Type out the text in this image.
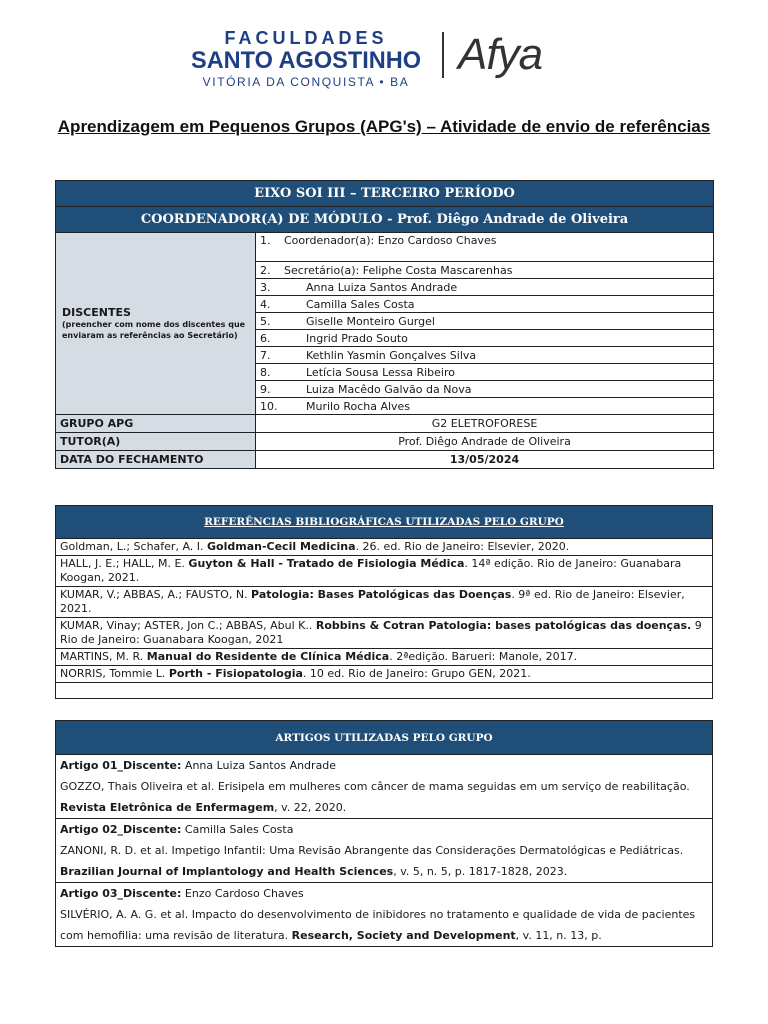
FACULDADES
SANTO AGOSTINHO
VITÓRIA DA CONQUISTA • BA
Afya
Aprendizagem em Pequenos Grupos (APG's) – Atividade de envio de referências
EIXO SOI III – TERCEIRO PERÍODO	
COORDENADOR(A) DE MÓDULO - Prof. Diêgo Andrade de Oliveira	

DISCENTES
(preencher com nome dos discentes que enviaram as referências ao Secretário)	1. Coordenador(a): Enzo Cardoso Chaves
	2. Secretário(a): Feliphe Costa Mascarenhas
	3. Anna Luiza Santos Andrade
	4. Camilla Sales Costa
	5. Giselle Monteiro Gurgel
	6. Ingrid Prado Souto
	7. Kethlin Yasmin Gonçalves Silva
	8. Letícia Sousa Lessa Ribeiro
	9. Luiza Macêdo Galvão da Nova
	10. Murilo Rocha Alves
GRUPO APG	G2 ELETROFORESE
TUTOR(A)	Prof. Diêgo Andrade de Oliveira
DATA DO FECHAMENTO	13/05/2024
REFERÊNCIAS BIBLIOGRÁFICAS UTILIZADAS PELO GRUPO
Goldman, L.; Schafer, A. I. Goldman-Cecil Medicina. 26. ed. Rio de Janeiro: Elsevier, 2020.
HALL, J. E.; HALL, M. E. Guyton & Hall - Tratado de Fisiologia Médica. 14ª edição. Rio de Janeiro: Guanabara Koogan, 2021.
KUMAR, V.; ABBAS, A.; FAUSTO, N. Patologia: Bases Patológicas das Doenças. 9ª ed. Rio de Janeiro: Elsevier, 2021.
KUMAR, Vinay; ASTER, Jon C.; ABBAS, Abul K.. Robbins & Cotran Patologia: bases patológicas das doenças. 9 Rio de Janeiro: Guanabara Koogan, 2021
MARTINS, M. R. Manual do Residente de Clínica Médica. 2ªedição. Barueri: Manole, 2017.
NORRIS, Tommie L. Porth - Fisiopatologia. 10 ed. Rio de Janeiro: Grupo GEN, 2021.

ARTIGOS UTILIZADAS PELO GRUPO
Artigo 01_Discente: Anna Luiza Santos Andrade
GOZZO, Thais Oliveira et al. Erisipela em mulheres com câncer de mama seguidas em um serviço de reabilitação. Revista Eletrônica de Enfermagem, v. 22, 2020.
Artigo 02_Discente: Camilla Sales Costa
ZANONI, R. D. et al. Impetigo Infantil: Uma Revisão Abrangente das Considerações Dermatológicas e Pediátricas. Brazilian Journal of Implantology and Health Sciences, v. 5, n. 5, p. 1817-1828, 2023.
Artigo 03_Discente: Enzo Cardoso Chaves
SILVÉRIO, A. A. G. et al. Impacto do desenvolvimento de inibidores no tratamento e qualidade de vida de pacientes com hemofilia: uma revisão de literatura. Research, Society and Development, v. 11, n. 13, p.
